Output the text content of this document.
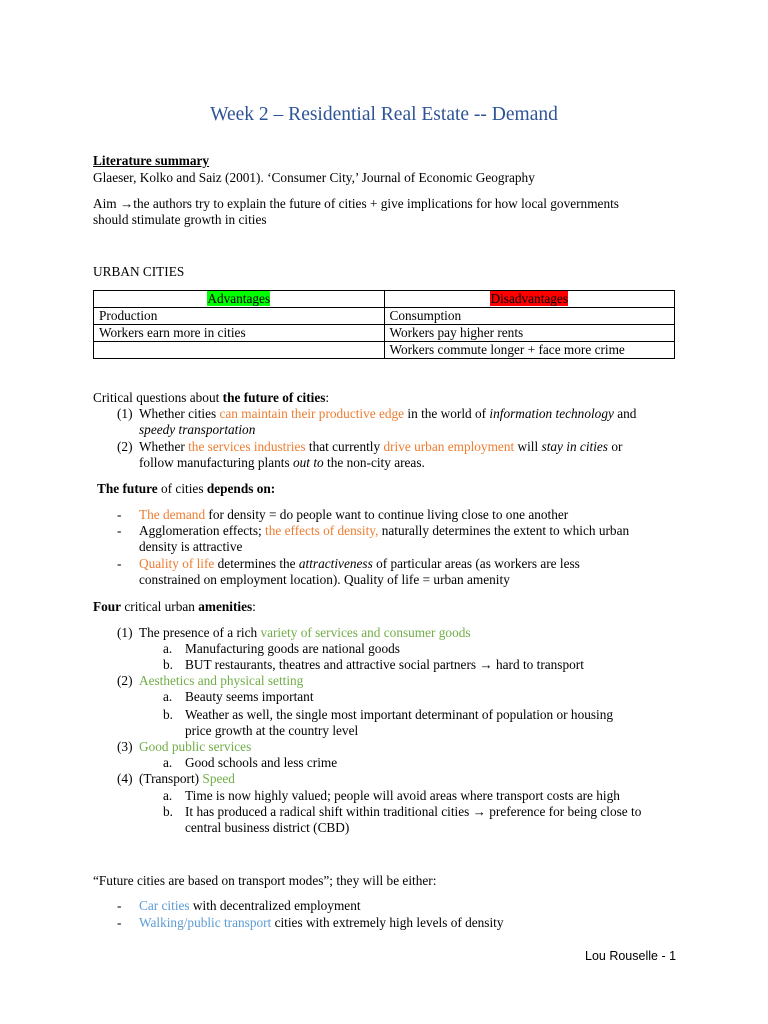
Week 2 – Residential Real Estate -- Demand
Literature summary
Glaeser, Kolko and Saiz (2001). ‘Consumer City,’ Journal of Economic Geography
Aim →the authors try to explain the future of cities + give implications for how local governments
should stimulate growth in cities
URBAN CITIES
Advantages	Disadvantages
Production	Consumption
Workers earn more in cities	Workers pay higher rents
	Workers commute longer + face more crime
Critical questions about the future of cities:
(1) Whether cities can maintain their productive edge in the world of information technology and
speedy transportation
(2) Whether the services industries that currently drive urban employment will stay in cities or
follow manufacturing plants out to the non-city areas.
The future of cities depends on:
- The demand for density = do people want to continue living close to one another
- Agglomeration effects; the effects of density, naturally determines the extent to which urban
density is attractive
- Quality of life determines the attractiveness of particular areas (as workers are less
constrained on employment location). Quality of life = urban amenity
Four critical urban amenities:
(1) The presence of a rich variety of services and consumer goods
a. Manufacturing goods are national goods
b. BUT restaurants, theatres and attractive social partners → hard to transport
(2) Aesthetics and physical setting
a. Beauty seems important
b. Weather as well, the single most important determinant of population or housing
price growth at the country level
(3) Good public services
a. Good schools and less crime
(4) (Transport) Speed
a. Time is now highly valued; people will avoid areas where transport costs are high
b. It has produced a radical shift within traditional cities → preference for being close to
central business district (CBD)
“Future cities are based on transport modes”; they will be either:
- Car cities with decentralized employment
- Walking/public transport cities with extremely high levels of density
Lou Rouselle - 1
